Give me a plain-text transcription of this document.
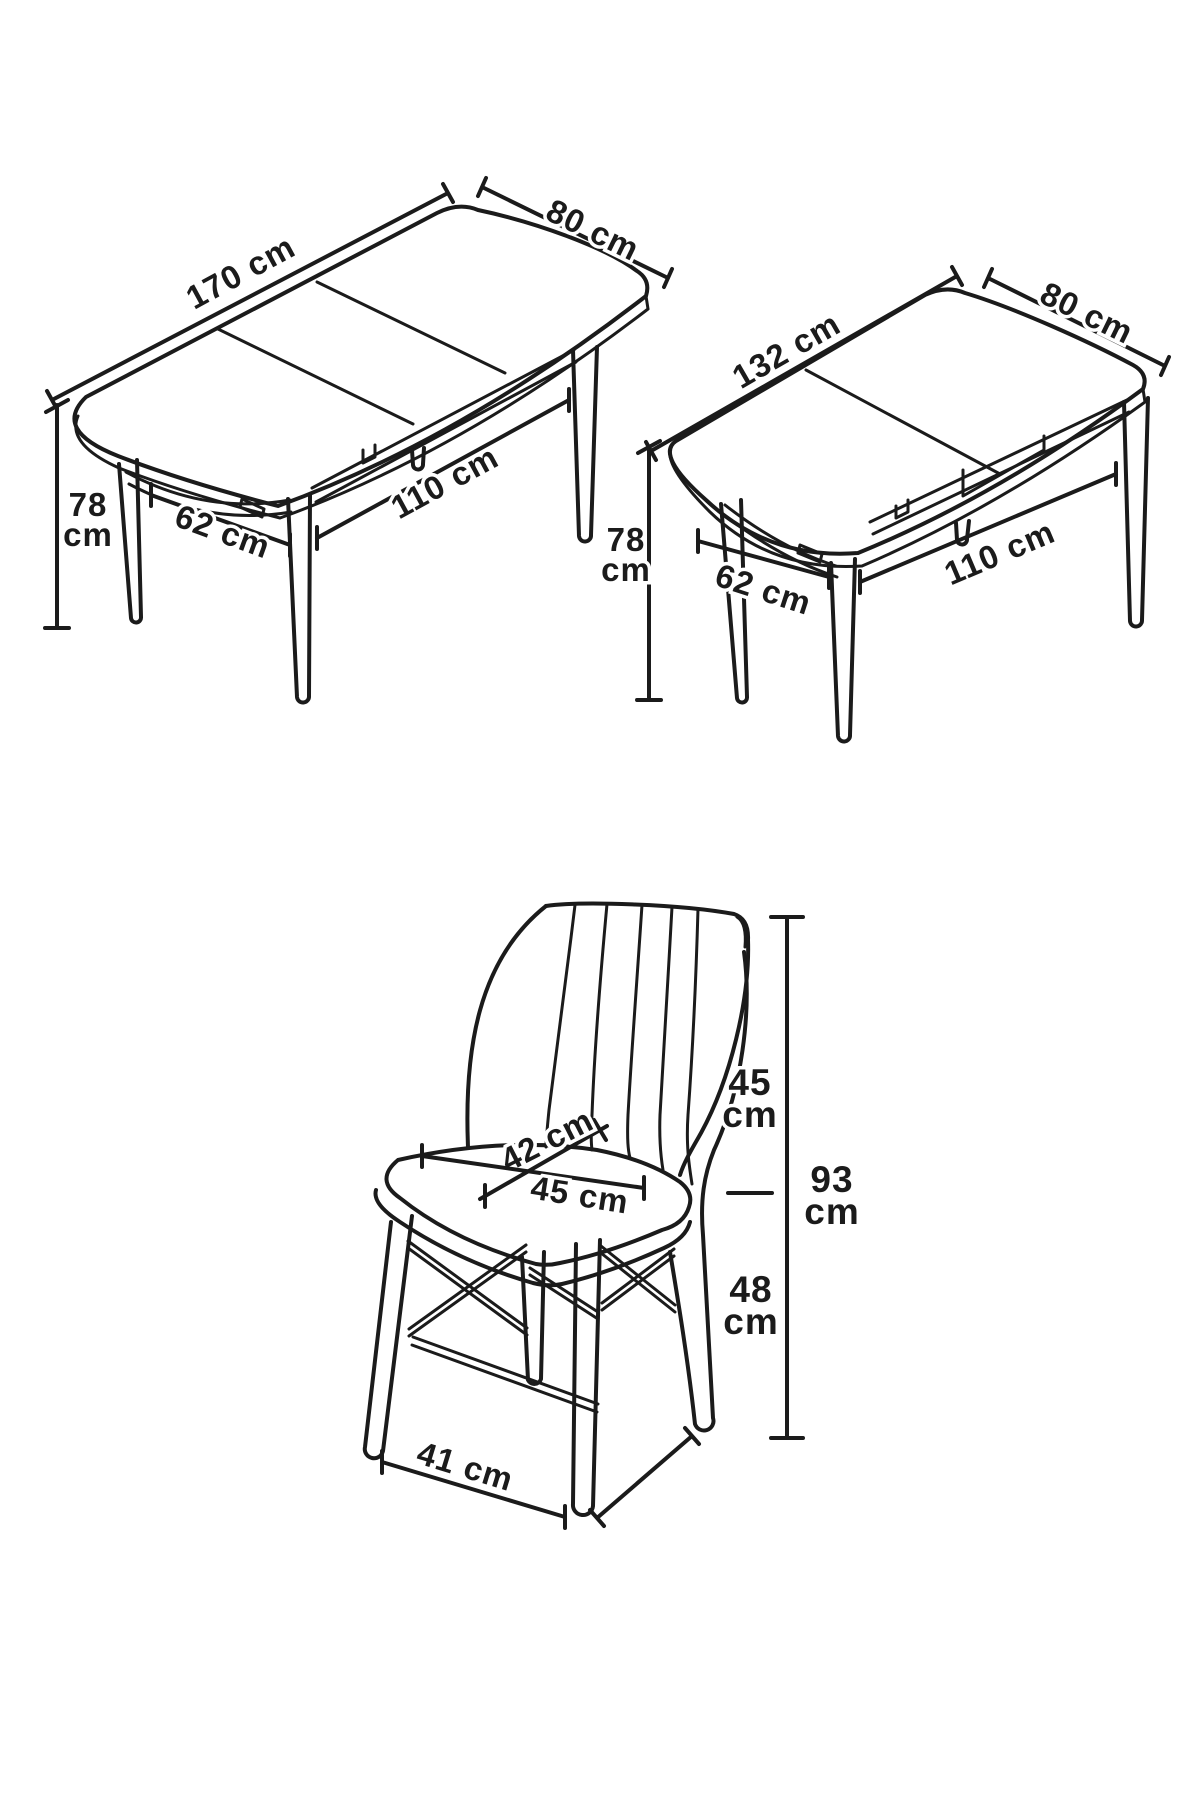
170 cm	80 cm
78
cm 62 cm
110 cm
132 cm	80 cm
78
cm 62 cm	110 cm
42 cm
45 cm
45
cm
93
cm
48
cm
41 cm
